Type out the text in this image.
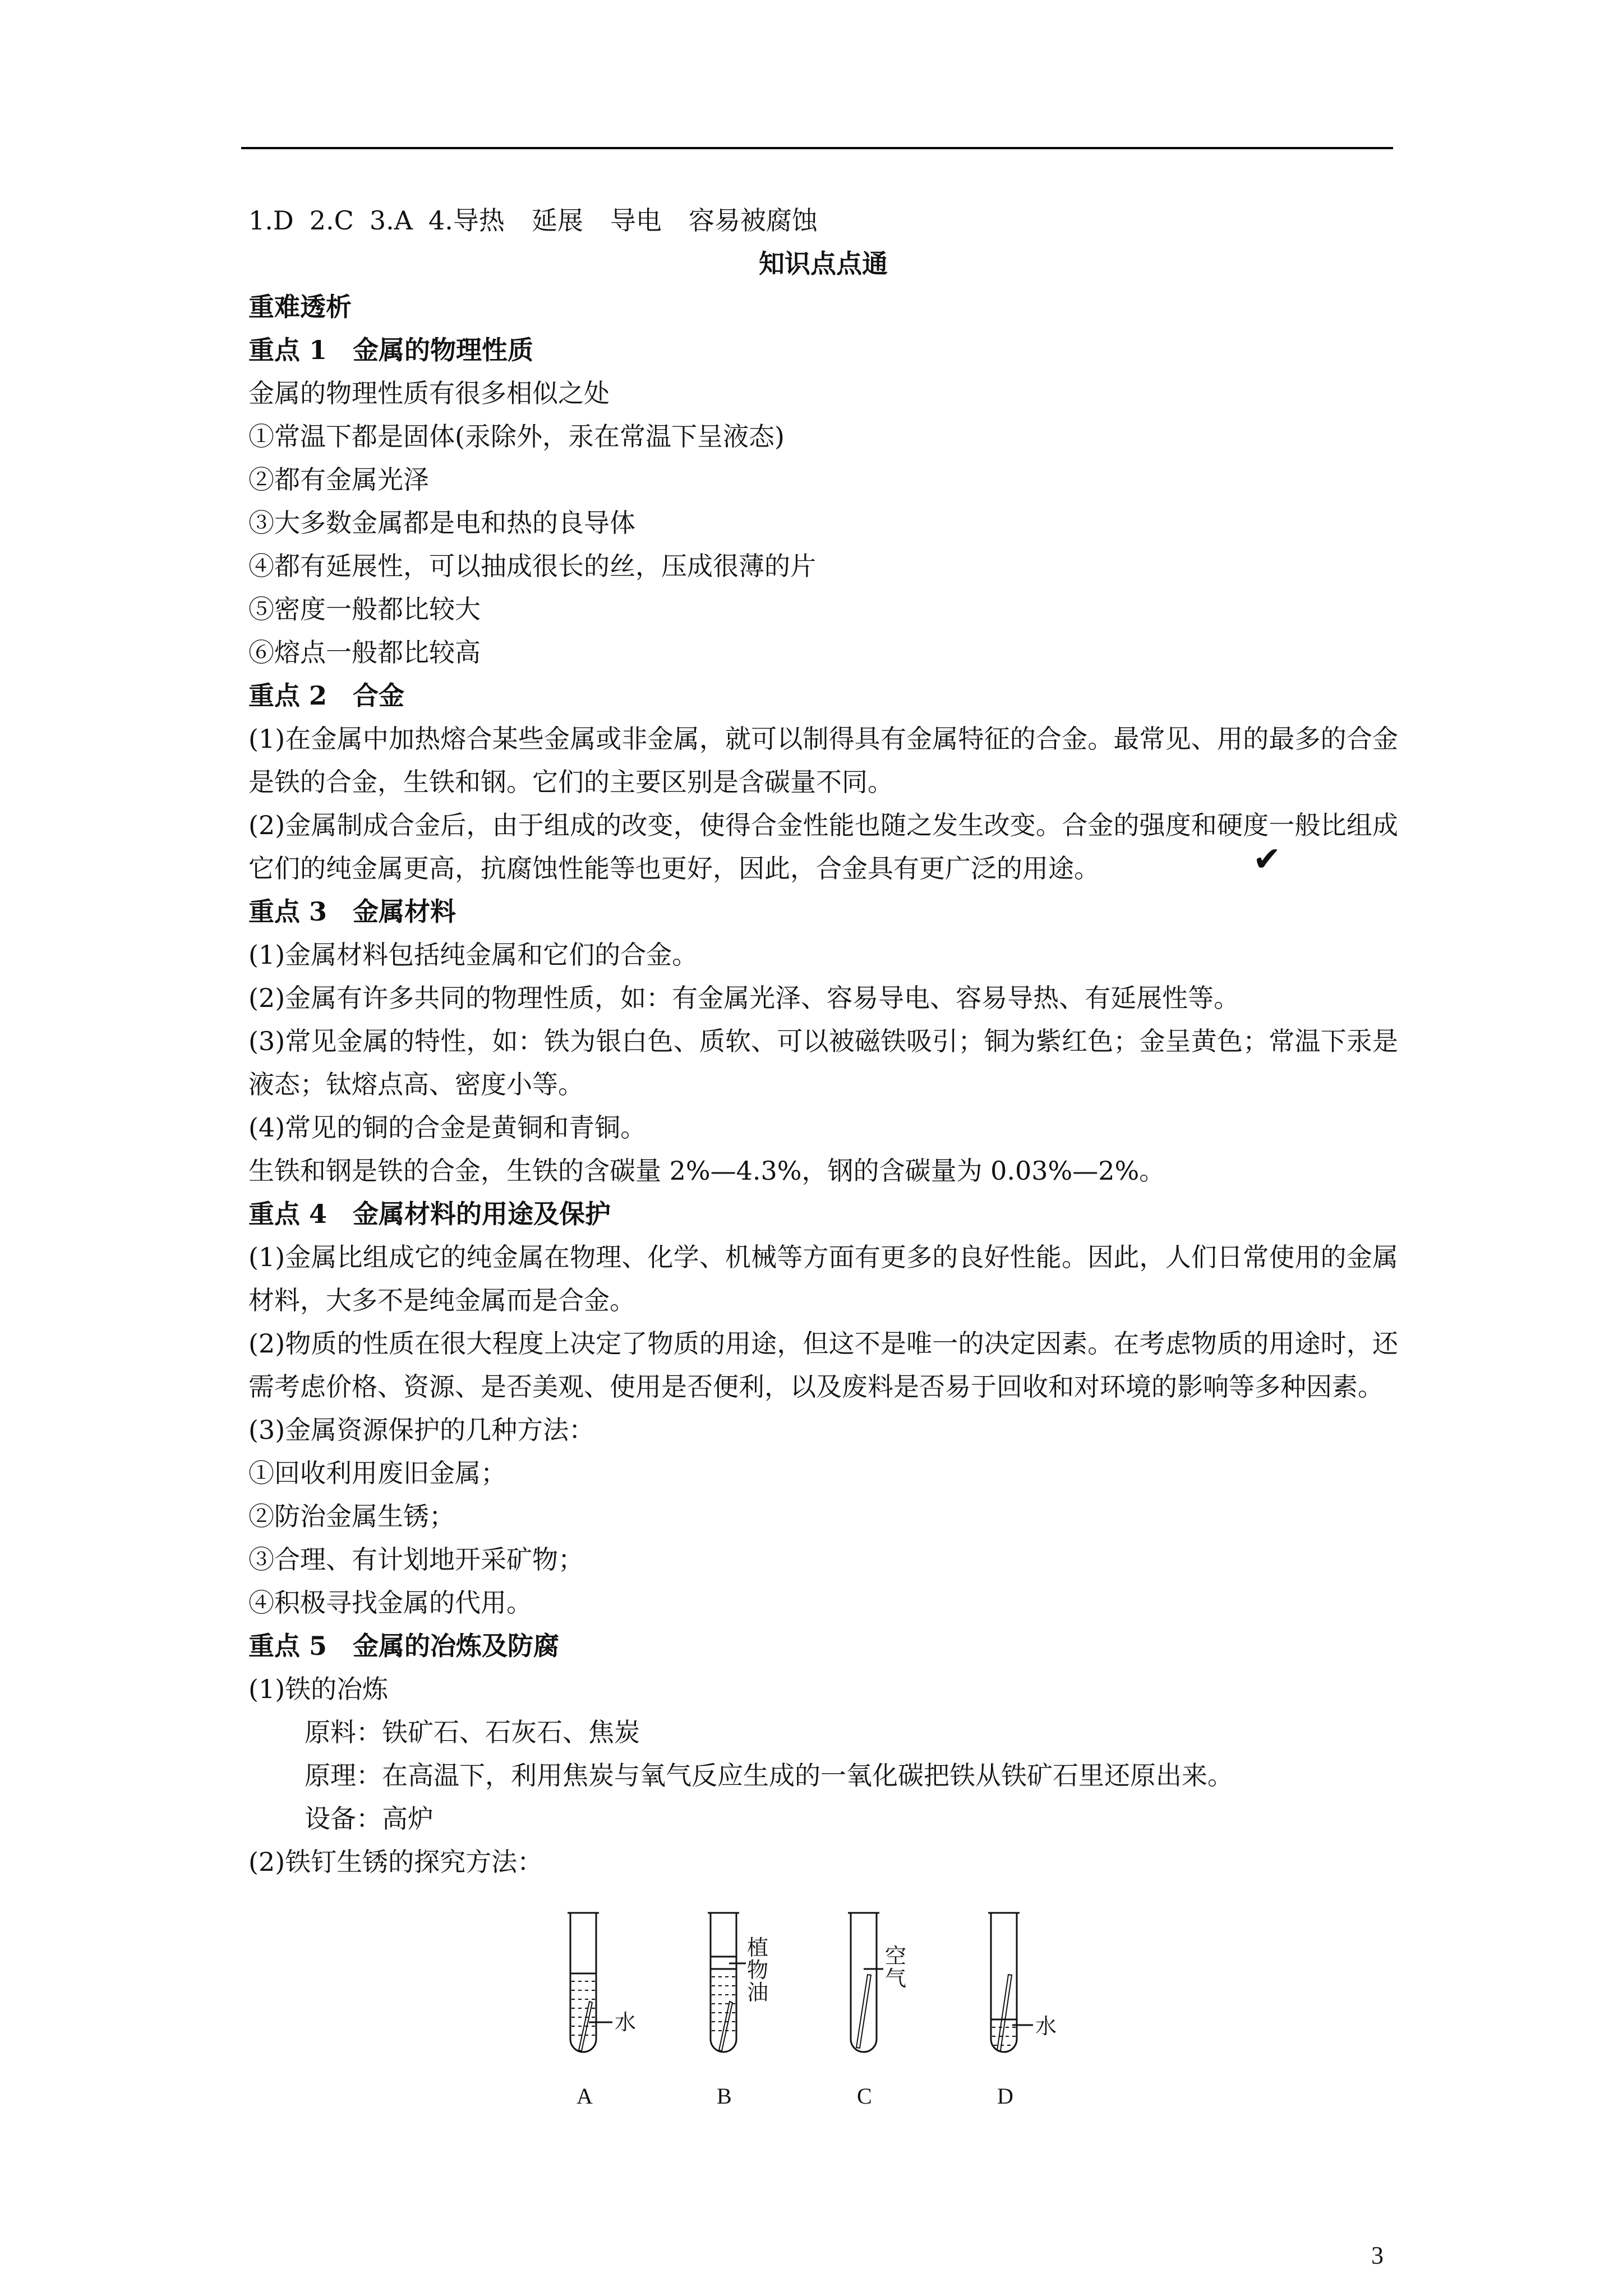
1.D 2.C 3.A 4.导热 延展 导电 容易被腐蚀
知识点点通
重难透析
重点 1　金属的物理性质
金属的物理性质有很多相似之处
①常温下都是固体(汞除外，汞在常温下呈液态)
②都有金属光泽
③大多数金属都是电和热的良导体
④都有延展性，可以抽成很长的丝，压成很薄的片
⑤密度一般都比较大
⑥熔点一般都比较高
重点 2　合金
(1)在金属中加热熔合某些金属或非金属，就可以制得具有金属特征的合金。最常见、用的最多的合金是铁的合金，生铁和钢。它们的主要区别是含碳量不同。
(2)金属制成合金后，由于组成的改变，使得合金性能也随之发生改变。合金的强度和硬度一般比组成它们的纯金属更高，抗腐蚀性能等也更好，因此，合金具有更广泛的用途。
重点 3　金属材料
(1)金属材料包括纯金属和它们的合金。
(2)金属有许多共同的物理性质，如：有金属光泽、容易导电、容易导热、有延展性等。
(3)常见金属的特性，如：铁为银白色、质软、可以被磁铁吸引；铜为紫红色；金呈黄色；常温下汞是液态；钛熔点高、密度小等。
(4)常见的铜的合金是黄铜和青铜。
生铁和钢是铁的合金，生铁的含碳量 2%—4.3%，钢的含碳量为 0.03%—2%。
重点 4　金属材料的用途及保护
(1)金属比组成它的纯金属在物理、化学、机械等方面有更多的良好性能。因此，人们日常使用的金属材料，大多不是纯金属而是合金。
(2)物质的性质在很大程度上决定了物质的用途，但这不是唯一的决定因素。在考虑物质的用途时，还需考虑价格、资源、是否美观、使用是否便利，以及废料是否易于回收和对环境的影响等多种因素。
(3)金属资源保护的几种方法：
①回收利用废旧金属；
②防治金属生锈；
③合理、有计划地开采矿物；
④积极寻找金属的代用。
重点 5　金属的冶炼及防腐
(1)铁的冶炼
原料：铁矿石、石灰石、焦炭
原理：在高温下，利用焦炭与氧气反应生成的一氧化碳把铁从铁矿石里还原出来。
设备：高炉
(2)铁钉生锈的探究方法：
✔
水
植
物
油
空
气
水
A	B	C	D
3
